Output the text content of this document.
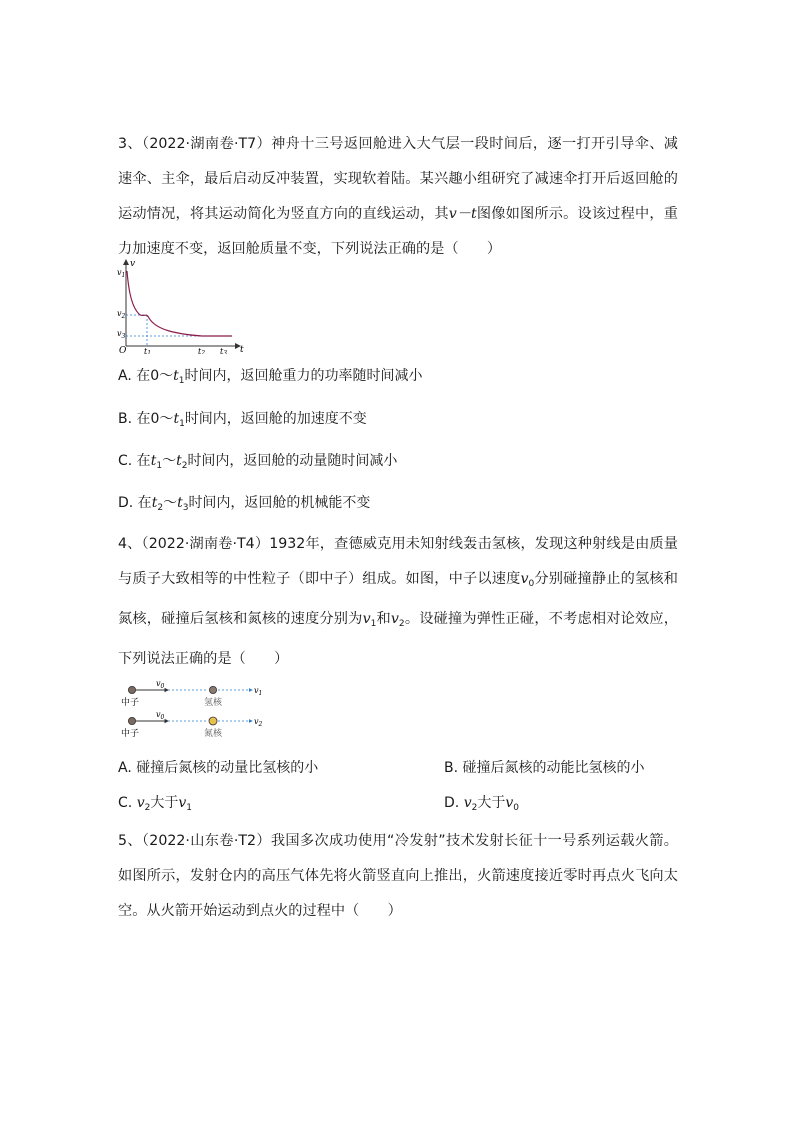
3、（2022·湖南卷·T7）神舟十三号返回舱进入大气层一段时间后，逐一打开引导伞、减速伞、主伞，最后启动反冲装置，实现软着陆。某兴趣小组研究了减速伞打开后返回舱的运动情况，将其运动简化为竖直方向的直线运动，其v－t图像如图所示。设该过程中，重力加速度不变，返回舱质量不变，下列说法正确的是（　　）
v
t
O
$v_1$
$v_2$
$v_3$
t1	t2 t3
A. 在$0\sim t_1$时间内，返回舱重力的功率随时间减小
B. 在$0\sim t_1$时间内，返回舱的加速度不变
C. 在$t_1\sim t_2$时间内，返回舱的动量随时间减小
D. 在$t_2\sim t_3$时间内，返回舱的机械能不变
4、（2022·湖南卷·T4）1932年，查德威克用未知射线轰击氢核，发现这种射线是由质量与质子大致相等的中性粒子（即中子）组成。如图，中子以速度$v_0$分别碰撞静止的氢核和氮核，碰撞后氢核和氮核的速度分别为$v_1$和$v_2$。设碰撞为弹性正碰，不考虑相对论效应，下列说法正确的是（　　）
$v_0$	$v_1$
中子	氢核
$v_0$	$v_2$
中子	氮核
A. 碰撞后氮核的动量比氢核的小	B. 碰撞后氮核的动能比氢核的小
C. $v_2$大于$v_1$	D. $v_2$大于$v_0$
5、（2022·山东卷·T2）我国多次成功使用“冷发射”技术发射长征十一号系列运载火箭。如图所示，发射仓内的高压气体先将火箭竖直向上推出，火箭速度接近零时再点火飞向太空。从火箭开始运动到点火的过程中（　　）
